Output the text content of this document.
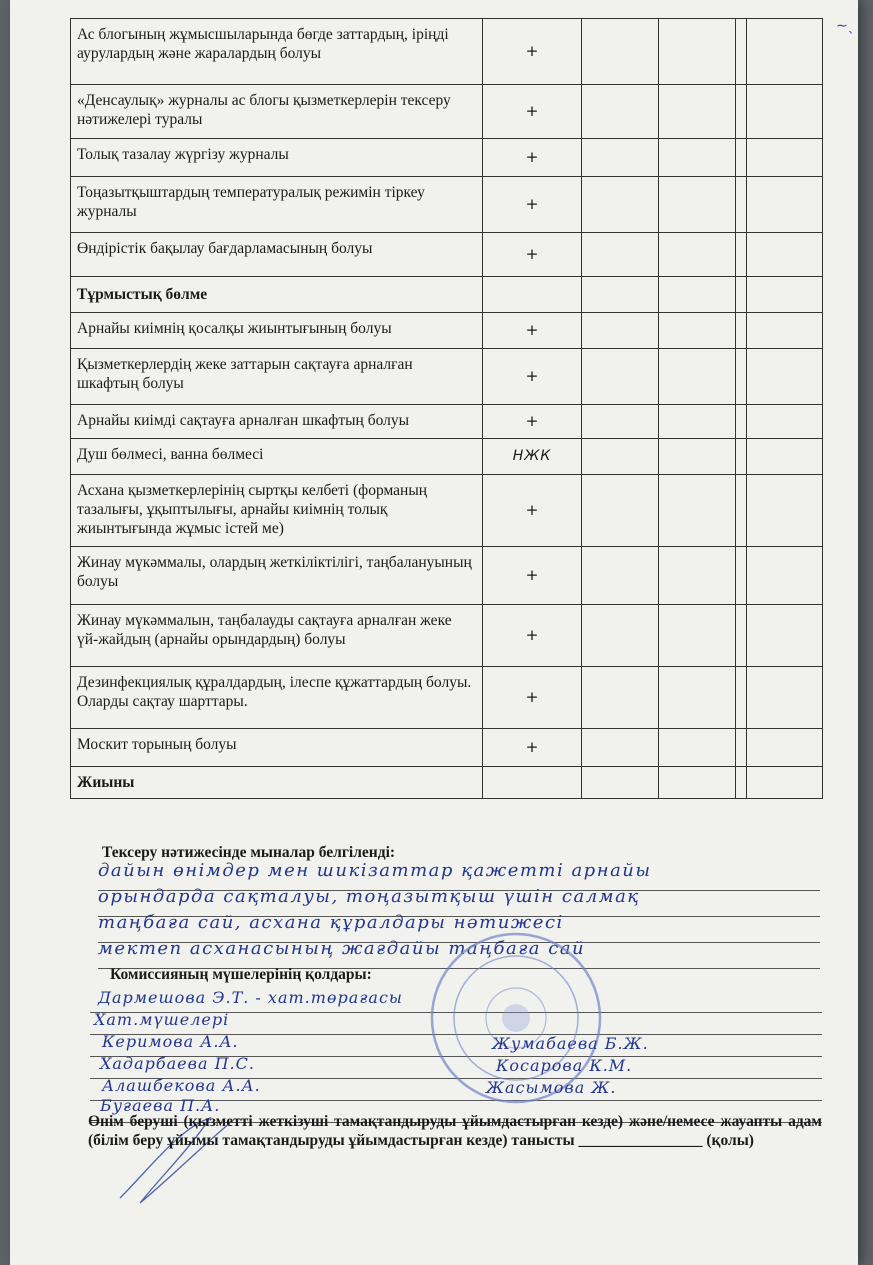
∼ˎ
Ас блогының жұмысшыларында бөгде заттардың, іріңді аурулардың және жаралардың болуы	+				
«Денсаулық» журналы ас блогы қызметкерлерін тексеру нәтижелері туралы	+				
Толық тазалау жүргізу журналы	+				
Тоңазытқыштардың температуралық режимін тіркеу журналы	+				
Өндірістік бақылау бағдарламасының болуы	+				
Тұрмыстық бөлме					
Арнайы киімнің қосалқы жиынтығының болуы	+				
Қызметкерлердің жеке заттарын сақтауға арналған шкафтың болуы	+				
Арнайы киімді сақтауға арналған шкафтың болуы	+				
Душ бөлмесі, ванна бөлмесі	НЖК				
Асхана қызметкерлерінің сыртқы келбеті (форманың тазалығы, ұқыптылығы, арнайы киімнің толық жиынтығында жұмыс істей ме)	+				
Жинау мүкәммалы, олардың жеткіліктілігі, таңбалануының болуы	+				
Жинау мүкәммалын, таңбалауды сақтауға арналған жеке үй-жайдың (арнайы орындардың) болуы	+				
Дезинфекциялық құралдардың, ілеспе құжаттардың болуы. Оларды сақтау шарттары.	+				
Москит торының болуы	+				
Жиыны					
Тексеру нәтижесінде мыналар белгіленді:
дайын өнімдер мен шикізаттар қажетті арнайы
орындарда сақталуы, тоңазытқыш үшін салмақ
таңбаға сай, асхана құралдары нәтижесі
мектеп асханасының жағдайы таңбаға сай
Комиссияның мүшелерінің қолдары:
Дармешова Э.Т. - хат.төрағасы
Хат.мүшелері
Керимова А.А.
Хадарбаева П.С.
Алашбекова А.А.
Буғаева П.А.
Жумабаева Б.Ж.
Косарова К.М.
Жасымова Ж.
Өнім беруші (қызметті жеткізуші тамақтандыруды ұйымдастырған кезде) және/немесе жауапты адам (білім беру ұйымы тамақтандыруды ұйымдастырған кезде) танысты ________________ (қолы)
